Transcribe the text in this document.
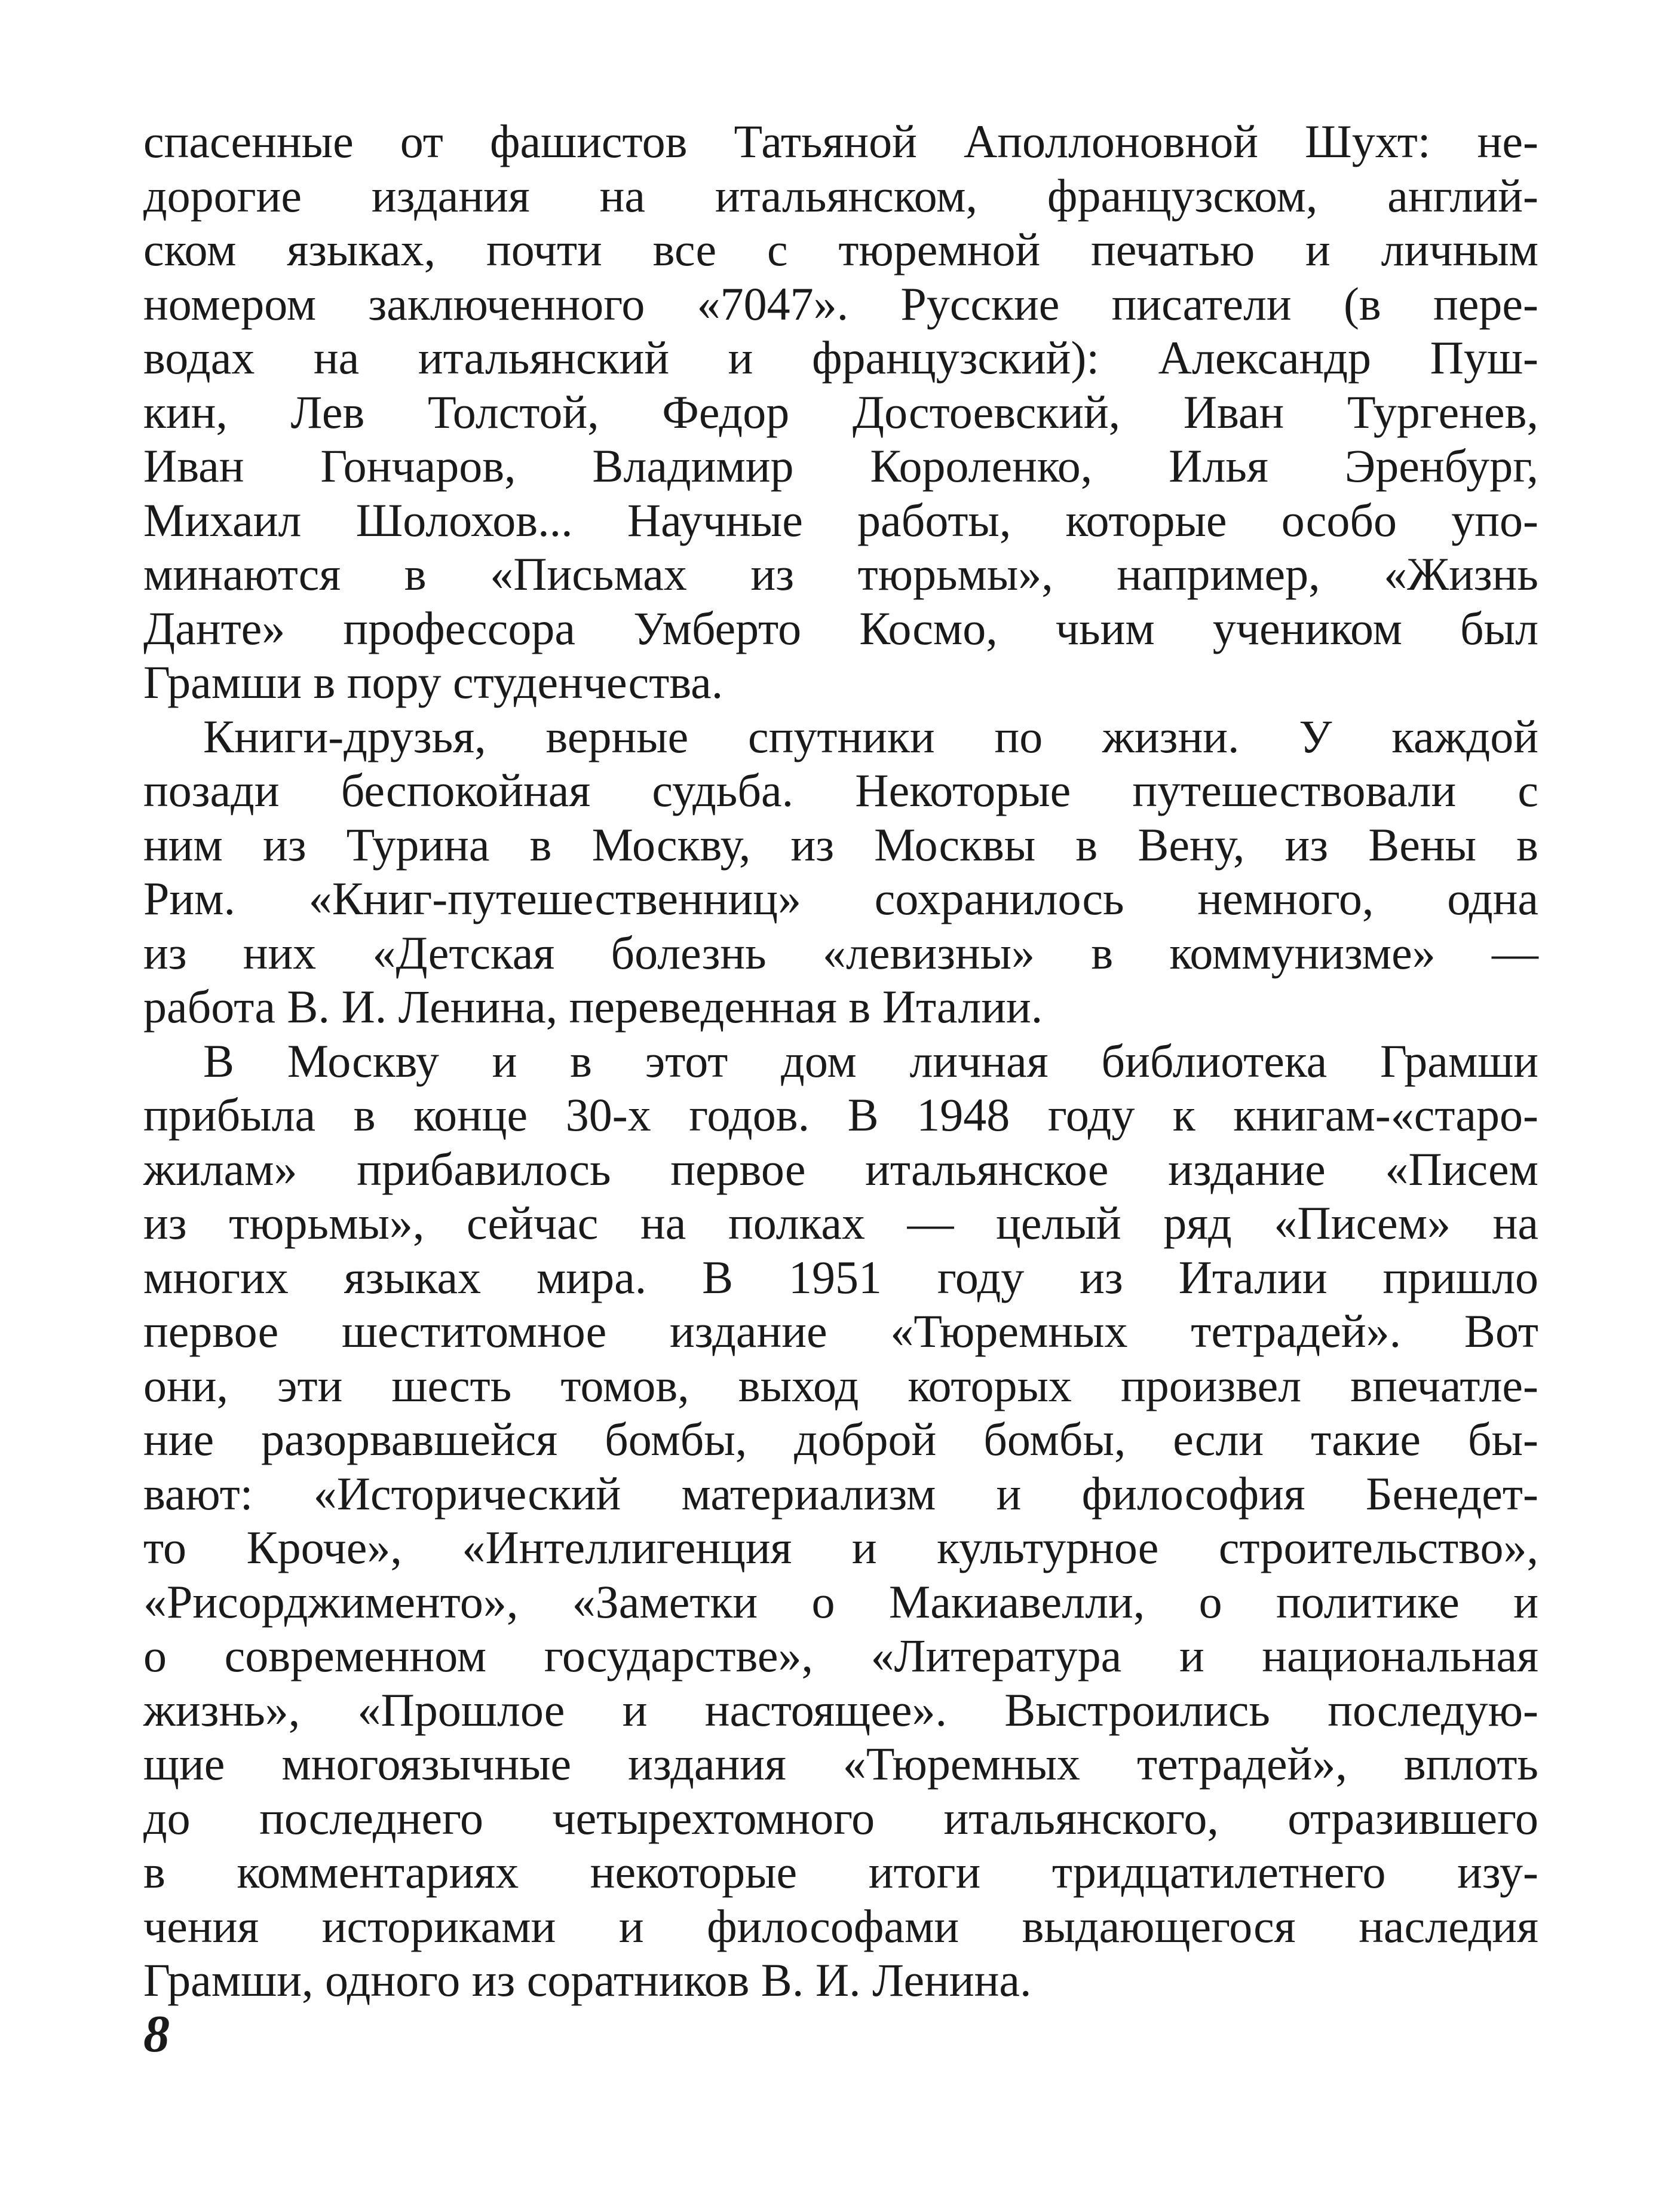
спасенные от фашистов Татьяной Аполлоновной Шухт: не-
дорогие издания на итальянском, французском, англий-
ском языках, почти все с тюремной печатью и личным
номером заключенного «7047». Русские писатели (в пере-
водах на итальянский и французский): Александр Пуш-
кин, Лев Толстой, Федор Достоевский, Иван Тургенев,
Иван Гончаров, Владимир Короленко, Илья Эренбург,
Михаил Шолохов... Научные работы, которые особо упо-
минаются в «Письмах из тюрьмы», например, «Жизнь
Данте» профессора Умберто Космо, чьим учеником был
Грамши в пору студенчества.
Книги-друзья, верные спутники по жизни. У каждой
позади беспокойная судьба. Некоторые путешествовали с
ним из Турина в Москву, из Москвы в Вену, из Вены в
Рим. «Книг-путешественниц» сохранилось немного, одна
из них «Детская болезнь «левизны» в коммунизме» —
работа В. И. Ленина, переведенная в Италии.
В Москву и в этот дом личная библиотека Грамши
прибыла в конце 30-х годов. В 1948 году к книгам-«старо-
жилам» прибавилось первое итальянское издание «Писем
из тюрьмы», сейчас на полках — целый ряд «Писем» на
многих языках мира. В 1951 году из Италии пришло
первое шеститомное издание «Тюремных тетрадей». Вот
они, эти шесть томов, выход которых произвел впечатле-
ние разорвавшейся бомбы, доброй бомбы, если такие бы-
вают: «Исторический материализм и философия Бенедет-
то Кроче», «Интеллигенция и культурное строительство»,
«Рисорджименто», «Заметки о Макиавелли, о политике и
о современном государстве», «Литература и национальная
жизнь», «Прошлое и настоящее». Выстроились последую-
щие многоязычные издания «Тюремных тетрадей», вплоть
до последнего четырехтомного итальянского, отразившего
в комментариях некоторые итоги тридцатилетнего изу-
чения историками и философами выдающегося наследия
Грамши, одного из соратников В. И. Ленина.
8
